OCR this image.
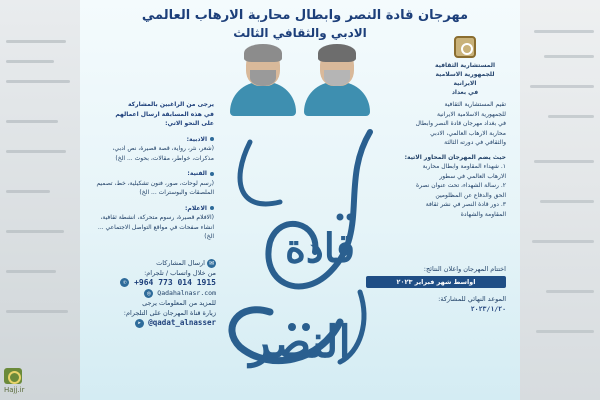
مهرجان قادة النصر وابطال محاربة الارهاب العالمي
الادبي والثقافي الثالث
المستشارية الثقافية
للجمهورية الاسلامية الايرانية
في بغداد

تقيم المستشارية الثقافية

للجمهورية الاسلامية الايرانية

في بغداد مهرجان قادة النصر وابطال

محاربة الارهاب العالمي، الادبي

والثقافي في دورته الثالثة

حيث يضم المهرجان المحاور الاتية:

١. شهداء المقاومة وابطال محاربة

الارهاب العالمي في سطور

٢. رسالة الشهداء، تحت عنوان نصرة

الحق والدفاع عن المظلومين

٣. دور قادة النصر في نشر ثقافة

المقاومة والشهادة

يرجى من الراغبين بالمشاركة

في هذه المسابقة ارسال اعمالهم

على النحو الاتي:

الادبية:

(شعر، نثر، رواية، قصة قصيرة، نص ادبي،

مذكرات، خواطر، مقالات، بحوث ... الخ)

الفنية:

(رسم لوحات، صور، فنون تشكيلية، خط، تصميم

الملصقات والبوسترات ... الخ)

الاعلام:

(الافلام قصيرة، رسوم متحركة، انشطة ثقافية،

انشاء صفحات في مواقع التواصل الاجتماعي ... الخ) قادة
النصر

✉ارسال المشاركات

من خلال واتساب / تلجرام:

✆ +964 773 014 1915

◎ Qadahalnasr.com

للمزيد من المعلومات يرجى

زيارة قناة المهرجان على التلجرام:

➤ @qadat_alnasser

اختتام المهرجان واعلان النتائج:

اواسط شهر فبراير ٢٠٢٣

الموعد النهائي للمشاركة:

٢٠٢٣/١/٢٠

Hajj.ir
